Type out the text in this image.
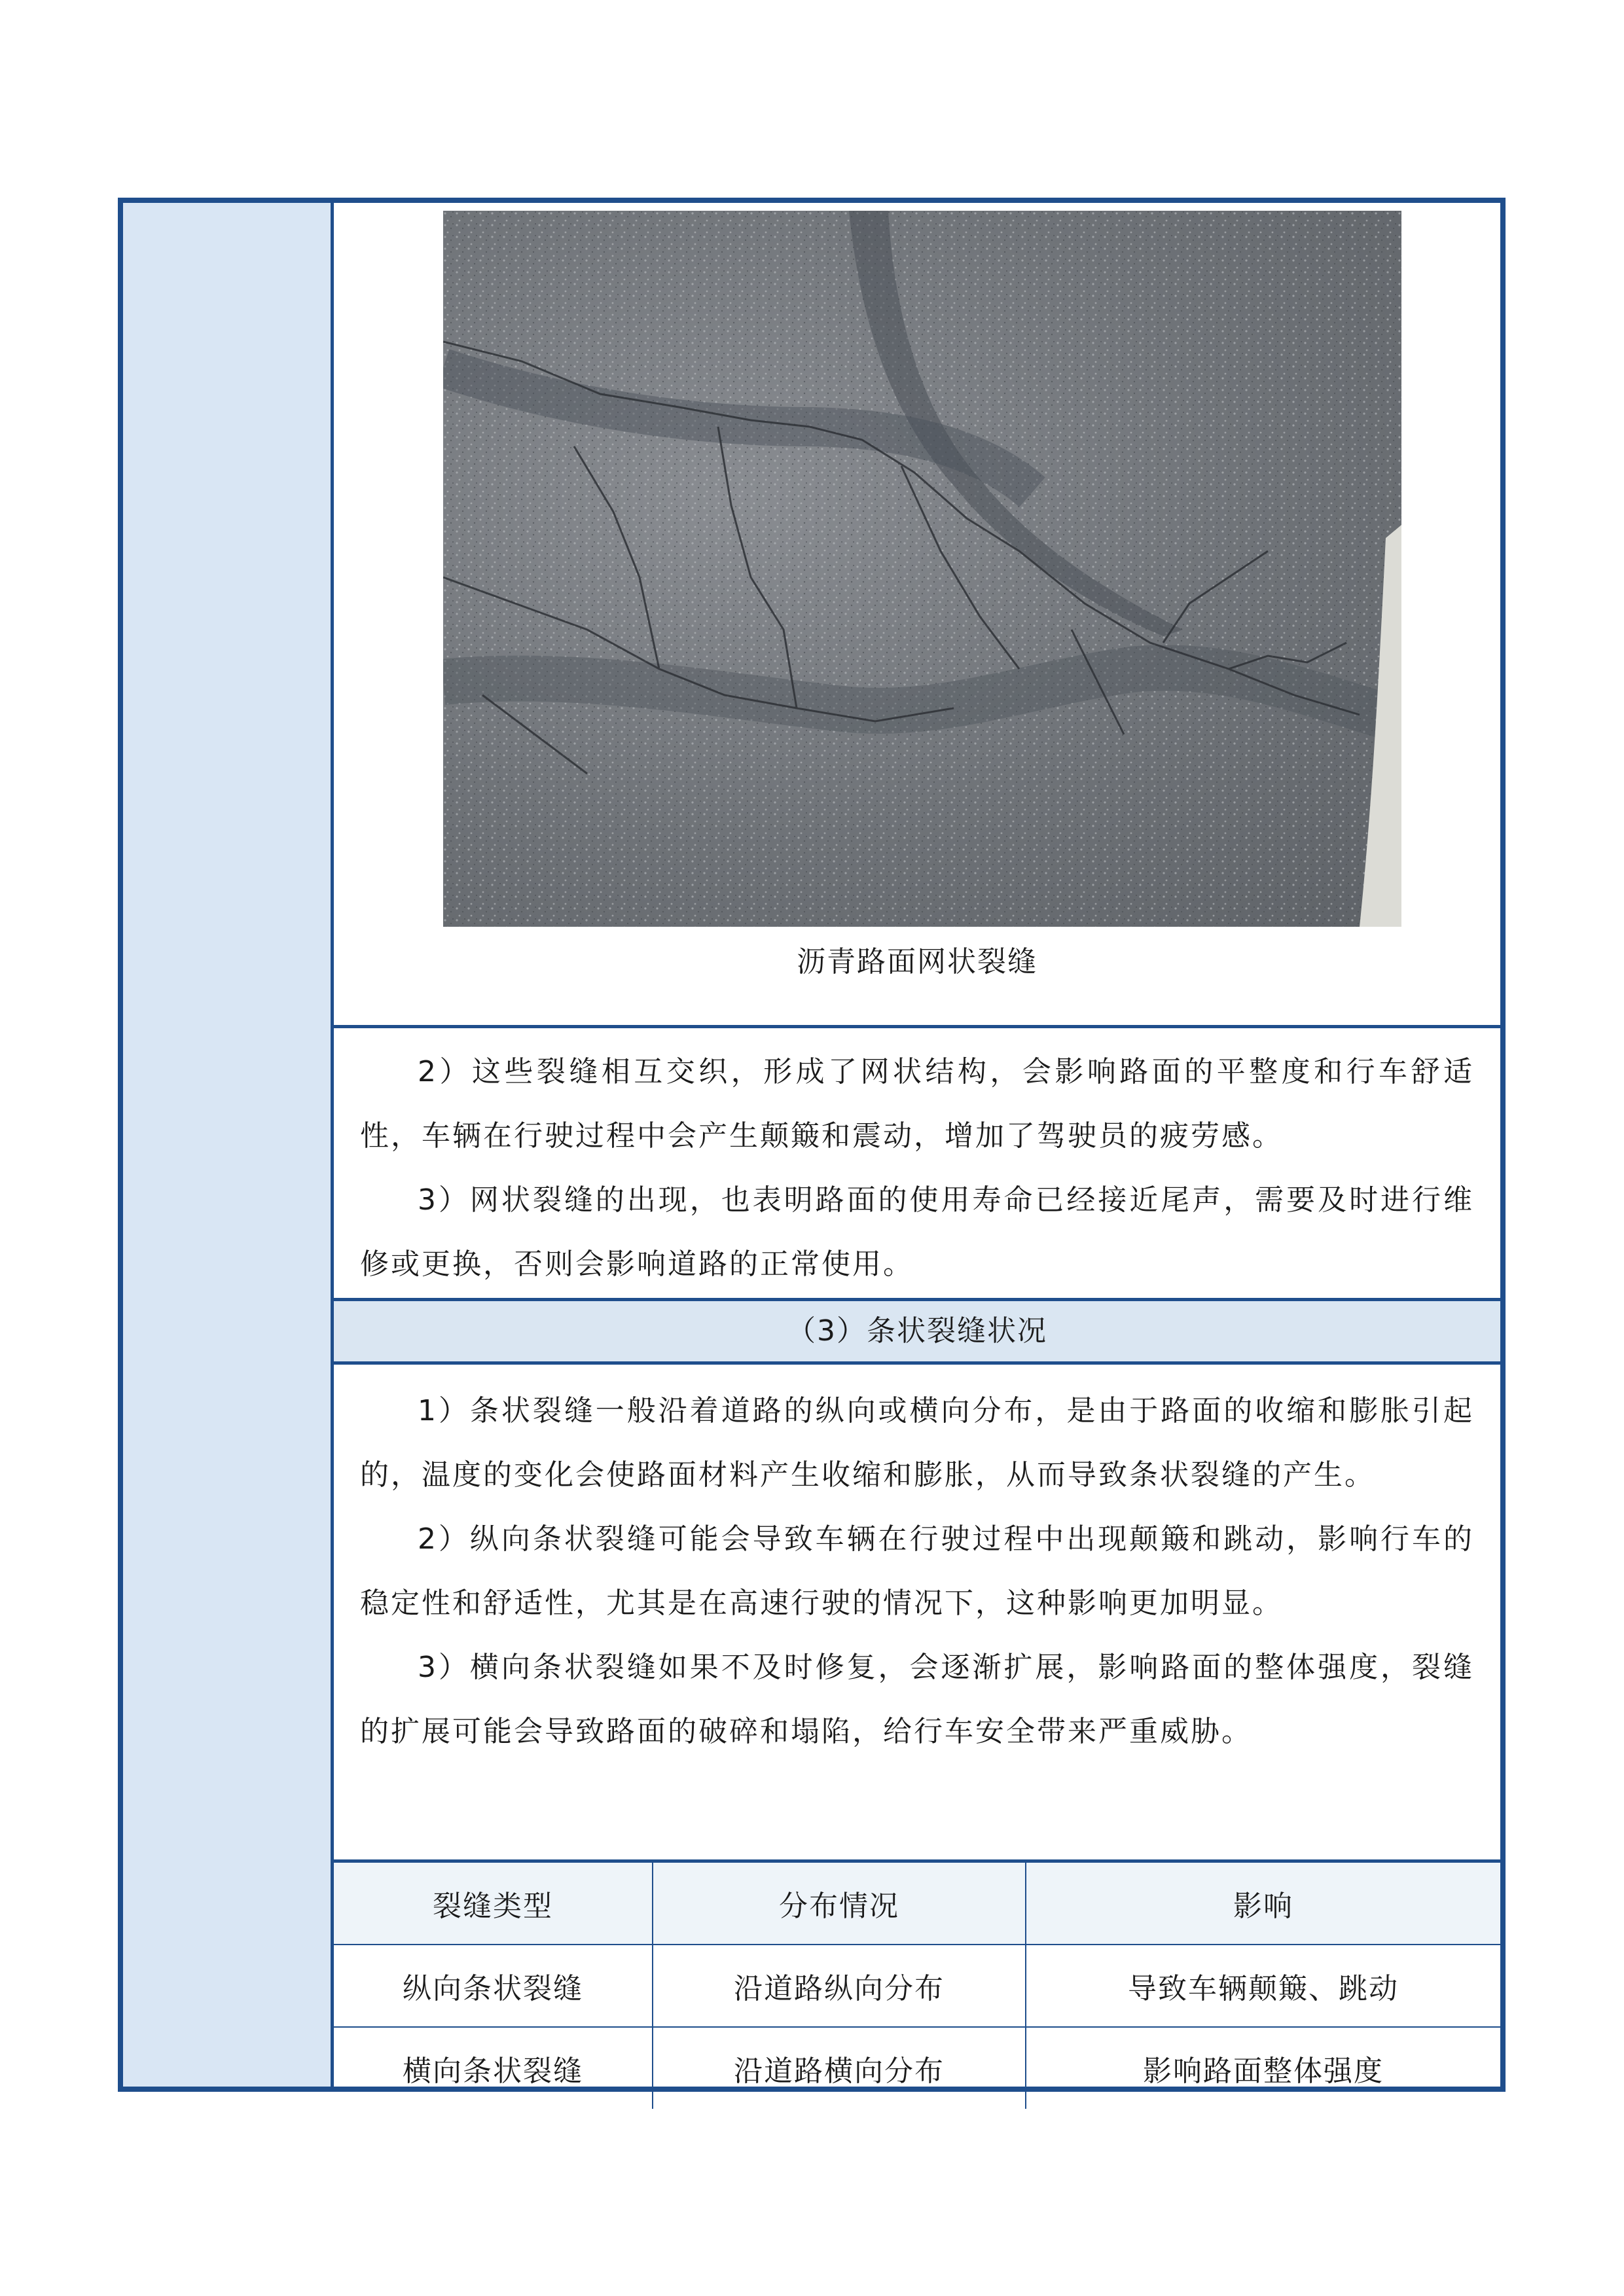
沥青路面网状裂缝

2）这些裂缝相互交织，形成了网状结构，会影响路面的平整度和行车舒适性，车辆在行驶过程中会产生颠簸和震动，增加了驾驶员的疲劳感。

3）网状裂缝的出现，也表明路面的使用寿命已经接近尾声，需要及时进行维修或更换，否则会影响道路的正常使用。

（3）条状裂缝状况

1）条状裂缝一般沿着道路的纵向或横向分布，是由于路面的收缩和膨胀引起的，温度的变化会使路面材料产生收缩和膨胀，从而导致条状裂缝的产生。

2）纵向条状裂缝可能会导致车辆在行驶过程中出现颠簸和跳动，影响行车的稳定性和舒适性，尤其是在高速行驶的情况下，这种影响更加明显。

3）横向条状裂缝如果不及时修复，会逐渐扩展，影响路面的整体强度，裂缝的扩展可能会导致路面的破碎和塌陷，给行车安全带来严重威胁。

裂缝类型	分布情况	影响
纵向条状裂缝	沿道路纵向分布	导致车辆颠簸、跳动
横向条状裂缝	沿道路横向分布	影响路面整体强度
